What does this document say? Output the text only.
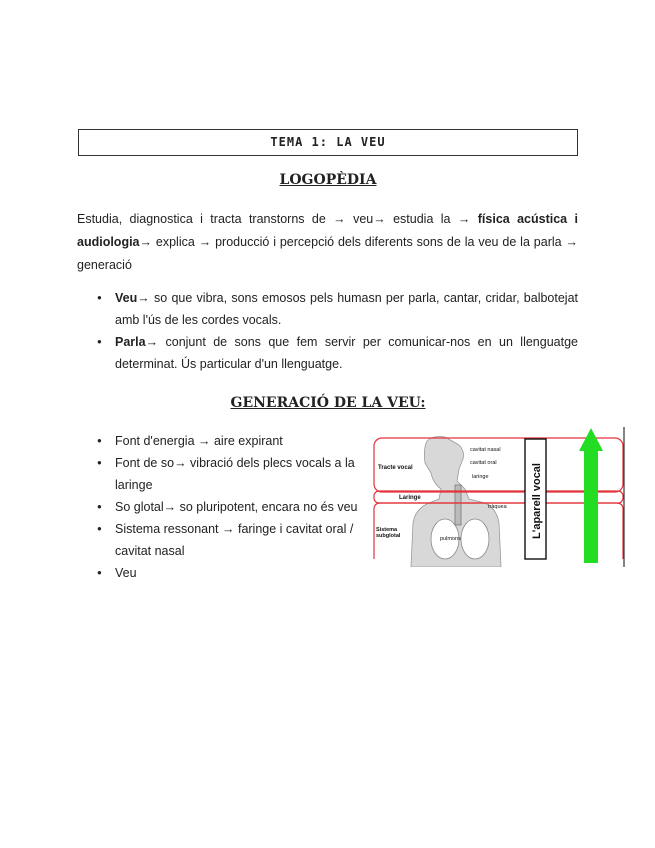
TEMA 1: LA VEU
LOGOPÈDIA
Estudia, diagnostica i tracta transtorns de → veu→ estudia la → física acústica i audiologia→ explica → producció i percepció dels diferents sons de la veu de la parla → generació
● Veu→ so que vibra, sons emosos pels humasn per parla, cantar, cridar, balbotejat amb l'ús de les cordes vocals.
● Parla→ conjunt de sons que fem servir per comunicar-nos en un llenguatge determinat. Ús particular d'un llenguatge.
GENERACIÓ DE LA VEU:
● Font d'energia → aire expirant
● Font de so→ vibració dels plecs vocals a la laringe
● So glotal→ so pluripotent, encara no és veu
● Sistema ressonant → faringe i cavitat oral / cavitat nasal
● Veu
Tracte vocal
Laringe
Sistema subglotal
cavitat nasal
cavitat oral
laringe
tràquea
pulmons	L'aparell vocal
